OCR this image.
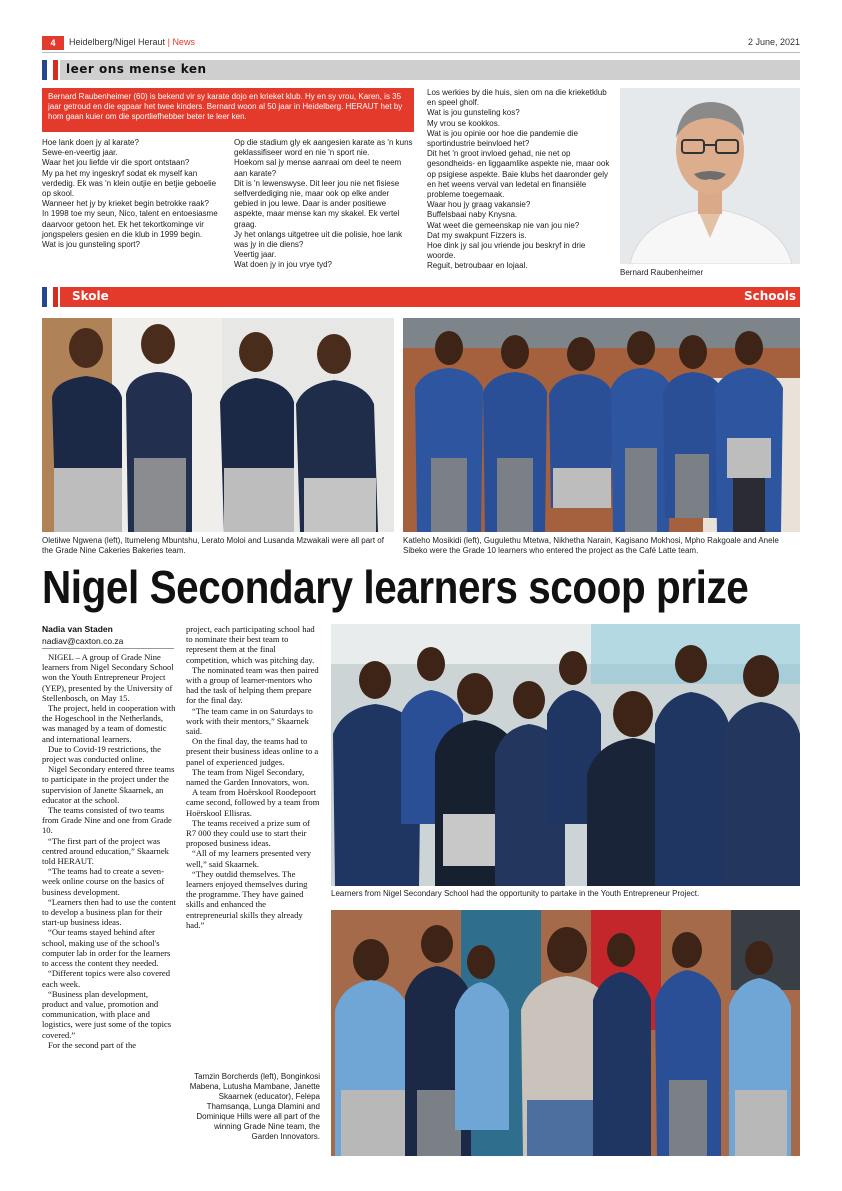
4	Heidelberg/Nigel Heraut | News	2 June, 2021
leer ons mense ken
Bernard Raubenheimer (60) is bekend vir sy karate dojo en krieket klub. Hy en sy vrou, Karen, is 35 jaar getroud en die egpaar het twee kinders. Bernard woon al 50 jaar in Heidelberg. HERAUT het by hom gaan kuier om die sportliefhebber beter te leer ken.
Hoe lank doen jy al karate?
Sewe-en-veertig jaar.
Waar het jou liefde vir die sport ontstaan?
My pa het my ingeskryf sodat ek myself kan verdedig. Ek was 'n klein outjie en betjie geboelie op skool.
Wanneer het jy by krieket begin betrokke raak?
In 1998 toe my seun, Nico, talent en entoesiasme daarvoor getoon het. Ek het tekortkominge vir jongspelers gesien en die klub in 1999 begin.
Wat is jou gunsteling sport?
Op die stadium gly ek aangesien karate as 'n kuns geklassifiseer word en nie 'n sport nie.
Hoekom sal jy mense aanraai om deel te neem aan karate?
Dit is 'n lewenswyse. Dit leer jou nie net fisiese selfverdediging nie, maar ook op elke ander gebied in jou lewe. Daar is ander positiewe aspekte, maar mense kan my skakel. Ek vertel graag.
Jy het onlangs uitgetree uit die polisie, hoe lank was jy in die diens?
Veertig jaar.
Wat doen jy in jou vrye tyd?
Los werkies by die huis, sien om na die krieketklub en speel gholf.
Wat is jou gunsteling kos?
My vrou se kookkos.
Wat is jou opinie oor hoe die pandemie die sportindustrie beinvloed het?
Dit het 'n groot invloed gehad, nie net op gesondheids- en liggaamlike aspekte nie, maar ook op psigiese aspekte. Baie klubs het daaronder gely en het weens verval van ledetal en finansiële probleme toegemaak.
Waar hou jy graag vakansie?
Buffelsbaai naby Knysna.
Wat weet die gemeenskap nie van jou nie?
Dat my swakpunt Fizzers is.
Hoe dink jy sal jou vriende jou beskryf in drie woorde.
Reguit, betroubaar en lojaal.
Bernard Raubenheimer
Skole	Schools
Oletilwe Ngwena (left), Itumeleng Mbuntshu, Lerato Moloi and Lusanda Mzwakali were all part of the Grade Nine Cakeries Bakeries team.
Katleho Mosikidi (left), Gugulethu Mtetwa, Nikhetha Narain, Kagisano Mokhosi, Mpho Rakgoale and Anele Sibeko were the Grade 10 learners who entered the project as the Café Latte team.
Nigel Secondary learners scoop prize
Nadia van Staden
nadiav@caxton.co.za

NIGEL – A group of Grade Nine learners from Nigel Secondary School won the Youth Entrepreneur Project (YEP), presented by the University of Stellenbosch, on May 15.

The project, held in cooperation with the Hogeschool in the Netherlands, was managed by a team of domestic and international learners.

Due to Covid-19 restrictions, the project was conducted online.

Nigel Secondary entered three teams to participate in the project under the supervision of Janette Skaarnek, an educator at the school.

The teams consisted of two teams from Grade Nine and one from Grade 10.

“The first part of the project was centred around education,” Skaarnek told HERAUT.

“The teams had to create a seven-week online course on the basics of business development.

“Learners then had to use the content to develop a business plan for their start-up business ideas.

“Our teams stayed behind after school, making use of the school's computer lab in order for the learners to access the content they needed.

“Different topics were also covered each week.

“Business plan development, product and value, promotion and communication, with place and logistics, were just some of the topics covered.”

For the second part of the

project, each participating school had to nominate their best team to represent them at the final competition, which was pitching day.

The nominated team was then paired with a group of learner-mentors who had the task of helping them prepare for the final day.

“The team came in on Saturdays to work with their mentors,” Skaarnek said.

On the final day, the teams had to present their business ideas online to a panel of experienced judges.

The team from Nigel Secondary, named the Garden Innovators, won.

A team from Hoërskool Roodepoort came second, followed by a team from Hoërskool Ellisras.

The teams received a prize sum of R7 000 they could use to start their proposed business ideas.

“All of my learners presented very well,” said Skaarnek.

“They outdid themselves. The learners enjoyed themselves during the programme. They have gained skills and enhanced the entrepreneurial skills they already had.”

Learners from Nigel Secondary School had the opportunity to partake in the Youth Entrepreneur Project.
Tamzin Borcherds (left), Bonginkosi Mabena, Lutusha Mambane, Janette Skaarnek (educator), Felepa Thamsanqa, Lunga Dlamini and Dominique Hills were all part of the winning Grade Nine team, the Garden Innovators.
